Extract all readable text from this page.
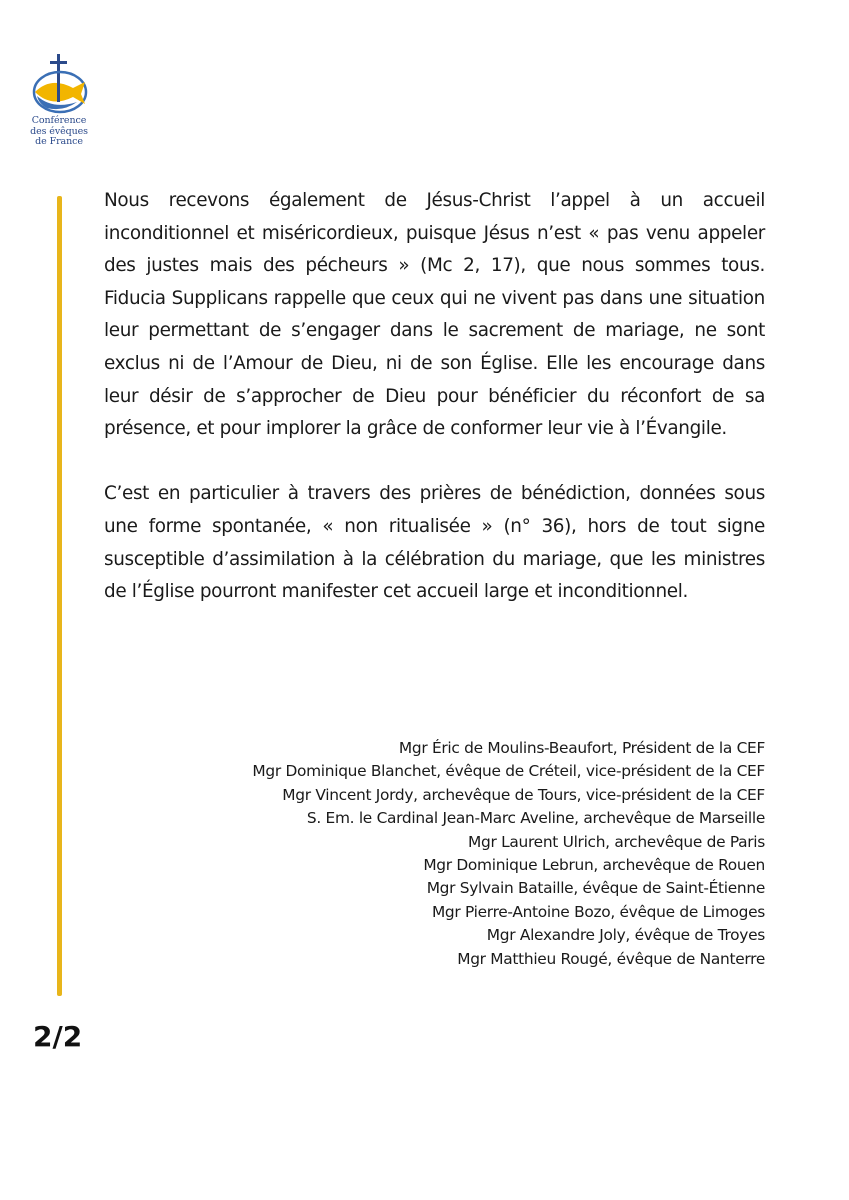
Conférence
des évêques
de France

Nous recevons également de Jésus-Christ l’appel à un accueil inconditionnel et miséricordieux, puisque Jésus n’est « pas venu appeler des justes mais des pécheurs » (Mc 2, 17), que nous sommes tous. Fiducia Supplicans rappelle que ceux qui ne vivent pas dans une situation leur permettant de s’engager dans le sacrement de mariage, ne sont exclus ni de l’Amour de Dieu, ni de son Église. Elle les encourage dans leur désir de s’approcher de Dieu pour bénéficier du réconfort de sa présence, et pour implorer la grâce de conformer leur vie à l’Évangile.

C’est en particulier à travers des prières de bénédiction, données sous une forme spontanée, « non ritualisée » (n° 36), hors de tout signe susceptible d’assimilation à la célébration du mariage, que les ministres de l’Église pourront manifester cet accueil large et inconditionnel.

Mgr Éric de Moulins-Beaufort, Président de la CEF
Mgr Dominique Blanchet, évêque de Créteil, vice-président de la CEF
Mgr Vincent Jordy, archevêque de Tours, vice-président de la CEF
S. Em. le Cardinal Jean-Marc Aveline, archevêque de Marseille
Mgr Laurent Ulrich, archevêque de Paris
Mgr Dominique Lebrun, archevêque de Rouen
Mgr Sylvain Bataille, évêque de Saint-Étienne
Mgr Pierre-Antoine Bozo, évêque de Limoges
Mgr Alexandre Joly, évêque de Troyes
Mgr Matthieu Rougé, évêque de Nanterre
2/2
